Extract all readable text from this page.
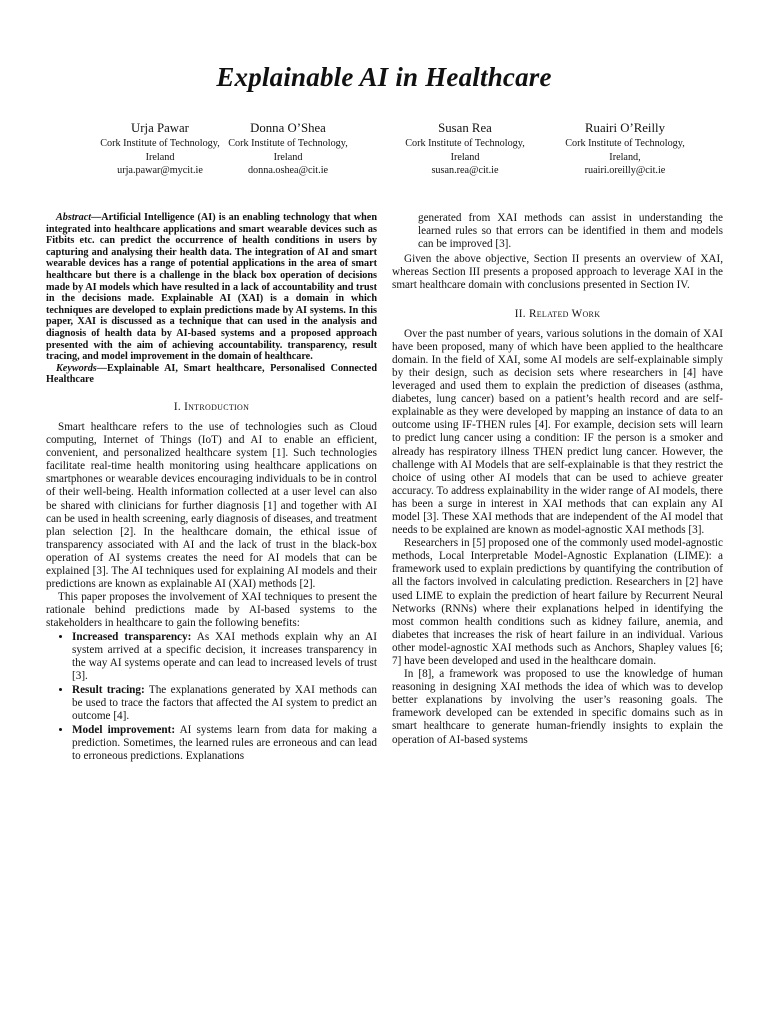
Explainable AI in Healthcare
Urja Pawar
Cork Institute of Technology,
Ireland
urja.pawar@mycit.ie
Donna O’Shea
Cork Institute of Technology,
Ireland
donna.oshea@cit.ie
Susan Rea
Cork Institute of Technology,
Ireland
susan.rea@cit.ie
Ruairi O’Reilly
Cork Institute of Technology,
Ireland,
ruairi.oreilly@cit.ie

Abstract—Artificial Intelligence (AI) is an enabling technology that when integrated into healthcare applications and smart wearable devices such as Fitbits etc. can predict the occurrence of health conditions in users by capturing and analysing their health data. The integration of AI and smart wearable devices has a range of potential applications in the area of smart healthcare but there is a challenge in the black box operation of decisions made by AI models which have resulted in a lack of accountability and trust in the decisions made. Explainable AI (XAI) is a domain in which techniques are developed to explain predictions made by AI systems. In this paper, XAI is discussed as a technique that can used in the analysis and diagnosis of health data by AI-based systems and a proposed approach presented with the aim of achieving accountability. transparency, result tracing, and model improvement in the domain of healthcare.

Keywords—Explainable AI, Smart healthcare, Personalised Connected Healthcare

I. Introduction

Smart healthcare refers to the use of technologies such as Cloud computing, Internet of Things (IoT) and AI to enable an efficient, convenient, and personalized healthcare system [1]. Such technologies facilitate real-time health monitoring using healthcare applications on smartphones or wearable devices encouraging individuals to be in control of their well-being. Health information collected at a user level can also be shared with clinicians for further diagnosis [1] and together with AI can be used in health screening, early diagnosis of diseases, and treatment plan selection [2]. In the healthcare domain, the ethical issue of transparency associated with AI and the lack of trust in the black-box operation of AI systems creates the need for AI models that can be explained [3]. The AI techniques used for explaining AI models and their predictions are known as explainable AI (XAI) methods [2].

This paper proposes the involvement of XAI techniques to present the rationale behind predictions made by AI-based systems to the stakeholders in healthcare to gain the following benefits:

• Increased transparency: As XAI methods explain why an AI system arrived at a specific decision, it increases transparency in the way AI systems operate and can lead to increased levels of trust [3].
• Result tracing: The explanations generated by XAI methods can be used to trace the factors that affected the AI system to predict an outcome [4].
• Model improvement: AI systems learn from data for making a prediction. Sometimes, the learned rules are erroneous and can lead to erroneous predictions. Explanations

generated from XAI methods can assist in understanding the learned rules so that errors can be identified in them and models can be improved [3].

Given the above objective, Section II presents an overview of XAI, whereas Section III presents a proposed approach to leverage XAI in the smart healthcare domain with conclusions presented in Section IV.

II. Related Work

Over the past number of years, various solutions in the domain of XAI have been proposed, many of which have been applied to the healthcare domain. In the field of XAI, some AI models are self-explainable simply by their design, such as decision sets where researchers in [4] have leveraged and used them to explain the prediction of diseases (asthma, diabetes, lung cancer) based on a patient’s health record and are self-explainable as they were developed by mapping an instance of data to an outcome using IF-THEN rules [4]. For example, decision sets will learn to predict lung cancer using a condition: IF the person is a smoker and already has respiratory illness THEN predict lung cancer. However, the challenge with AI Models that are self-explainable is that they restrict the choice of using other AI models that can be used to achieve greater accuracy. To address explainability in the wider range of AI models, there has been a surge in interest in XAI methods that can explain any AI model [3]. These XAI methods that are independent of the AI model that needs to be explained are known as model-agnostic XAI methods [3].

Researchers in [5] proposed one of the commonly used model-agnostic methods, Local Interpretable Model-Agnostic Explanation (LIME): a framework used to explain predictions by quantifying the contribution of all the factors involved in calculating prediction. Researchers in [2] have used LIME to explain the prediction of heart failure by Recurrent Neural Networks (RNNs) where their explanations helped in identifying the most common health conditions such as kidney failure, anemia, and diabetes that increases the risk of heart failure in an individual. Various other model-agnostic XAI methods such as Anchors, Shapley values [6; 7] have been developed and used in the healthcare domain.

In [8], a framework was proposed to use the knowledge of human reasoning in designing XAI methods the idea of which was to develop better explanations by involving the user’s reasoning goals. The framework developed can be extended in specific domains such as in smart healthcare to generate human-friendly insights to explain the operation of AI-based systems
